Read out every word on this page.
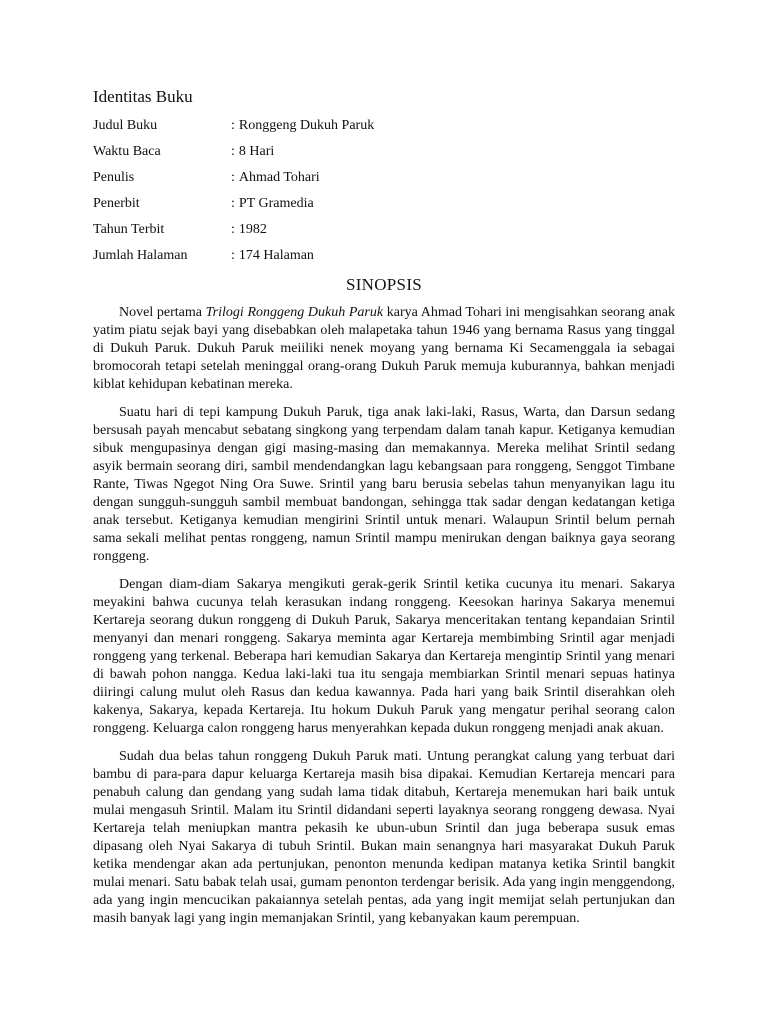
Identitas Buku
Judul Buku	: Ronggeng Dukuh Paruk
Waktu Baca	: 8 Hari
Penulis	: Ahmad Tohari
Penerbit	: PT Gramedia
Tahun Terbit	: 1982
Jumlah Halaman	: 174 Halaman
SINOPSIS

Novel pertama Trilogi Ronggeng Dukuh Paruk karya Ahmad Tohari ini mengisahkan seorang anak yatim piatu sejak bayi yang disebabkan oleh malapetaka tahun 1946 yang bernama Rasus yang tinggal di Dukuh Paruk. Dukuh Paruk meiiliki nenek moyang yang bernama Ki Secamenggala ia sebagai bromocorah tetapi setelah meninggal orang-orang Dukuh Paruk memuja kuburannya, bahkan menjadi kiblat kehidupan kebatinan mereka.

Suatu hari di tepi kampung Dukuh Paruk, tiga anak laki-laki, Rasus, Warta, dan Darsun sedang bersusah payah mencabut sebatang singkong yang terpendam dalam tanah kapur. Ketiganya kemudian sibuk mengupasinya dengan gigi masing-masing dan memakannya. Mereka melihat Srintil sedang asyik bermain seorang diri, sambil mendendangkan lagu kebangsaan para ronggeng, Senggot Timbane Rante, Tiwas Ngegot Ning Ora Suwe. Srintil yang baru berusia sebelas tahun menyanyikan lagu itu dengan sungguh-sungguh sambil membuat bandongan, sehingga ttak sadar dengan kedatangan ketiga anak tersebut. Ketiganya kemudian mengirini Srintil untuk menari. Walaupun Srintil belum pernah sama sekali melihat pentas ronggeng, namun Srintil mampu menirukan dengan baiknya gaya seorang ronggeng.

Dengan diam-diam Sakarya mengikuti gerak-gerik Srintil ketika cucunya itu menari. Sakarya meyakini bahwa cucunya telah kerasukan indang ronggeng. Keesokan harinya Sakarya menemui Kertareja seorang dukun ronggeng di Dukuh Paruk, Sakarya menceritakan tentang kepandaian Srintil menyanyi dan menari ronggeng. Sakarya meminta agar Kertareja membimbing Srintil agar menjadi ronggeng yang terkenal. Beberapa hari kemudian Sakarya dan Kertareja mengintip Srintil yang menari di bawah pohon nangga. Kedua laki-laki tua itu sengaja membiarkan Srintil menari sepuas hatinya diiringi calung mulut oleh Rasus dan kedua kawannya. Pada hari yang baik Srintil diserahkan oleh kakenya, Sakarya, kepada Kertareja. Itu hokum Dukuh Paruk yang mengatur perihal seorang calon ronggeng. Keluarga calon ronggeng harus menyerahkan kepada dukun ronggeng menjadi anak akuan.

Sudah dua belas tahun ronggeng Dukuh Paruk mati. Untung perangkat calung yang terbuat dari bambu di para-para dapur keluarga Kertareja masih bisa dipakai. Kemudian Kertareja mencari para penabuh calung dan gendang yang sudah lama tidak ditabuh, Kertareja menemukan hari baik untuk mulai mengasuh Srintil. Malam itu Srintil didandani seperti layaknya seorang ronggeng dewasa. Nyai Kertareja telah meniupkan mantra pekasih ke ubun-ubun Srintil dan juga beberapa susuk emas dipasang oleh Nyai Sakarya di tubuh Srintil. Bukan main senangnya hari masyarakat Dukuh Paruk ketika mendengar akan ada pertunjukan, penonton menunda kedipan matanya ketika Srintil bangkit mulai menari. Satu babak telah usai, gumam penonton terdengar berisik. Ada yang ingin menggendong, ada yang ingin mencucikan pakaiannya setelah pentas, ada yang ingit memijat selah pertunjukan dan masih banyak lagi yang ingin memanjakan Srintil, yang kebanyakan kaum perempuan.
